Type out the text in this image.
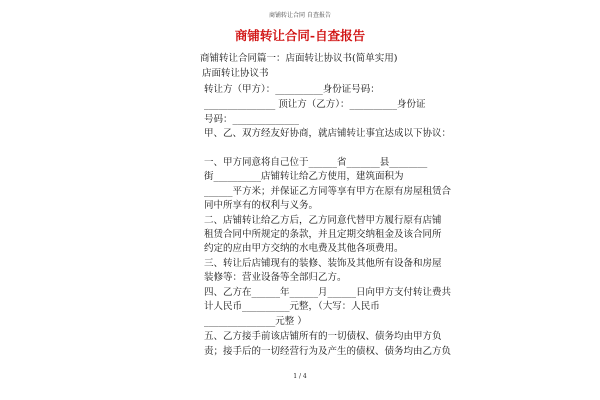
商铺转让合同 自查报告
商铺转让合同-自查报告
商铺转让合同篇一：店面转让协议书(简单实用)
店面转让协议书
转让方（甲方）：__________身份证号码：
_______________ 顶让方（乙方）：__________身份证
号码：______________
甲、乙、双方经友好协商，就店铺转让事宜达成以下协议：
一、甲方同意将自己位于______省_______县________
街__________店铺转让给乙方使用，建筑面积为
______平方米；并保证乙方同等享有甲方在原有房屋租赁合
同中所享有的权利与义务。
二、店铺转让给乙方后，乙方同意代替甲方履行原有店铺
租赁合同中所规定的条款，并且定期交纳租金及该合同所
约定的应由甲方交纳的水电费及其他各项费用。
三、转让后店铺现有的装修、装饰及其他所有设备和房屋
装修等：营业设备等全部归乙方。
四、乙方在______年______月______日向甲方支付转让费共
计人民币__________元整，（大写：人民币
_______________元整 ）
五、乙方接手前该店铺所有的一切债权、债务均由甲方负
责；接手后的一切经营行为及产生的债权、债务均由乙方负
1 / 4
